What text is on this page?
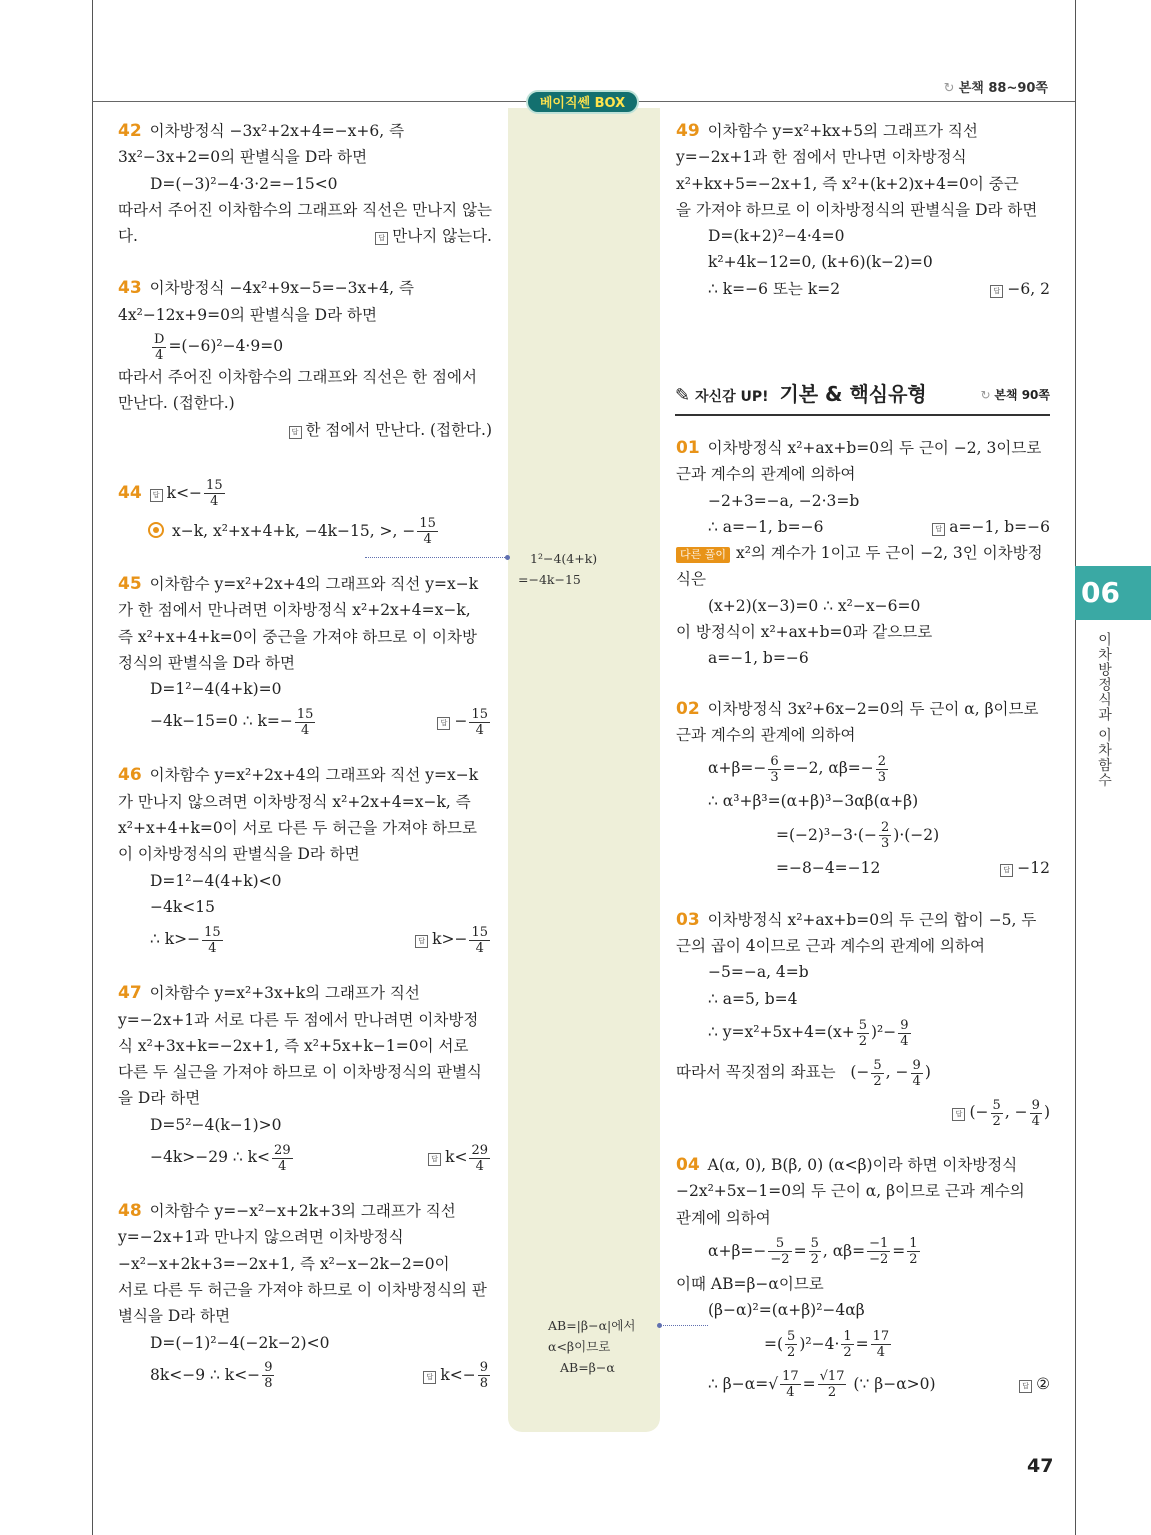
↻ 본책 88~90쪽
베이직쎈 BOX
1²−4(4+k)
=−4k−15
AB=|β−α|에서
α<β이므로
AB=β−α
06
이차방정식과 이차함수

42 이차방정식 −3x²+2x+4=−x+6, 즉

3x²−3x+2=0의 판별식을 D라 하면

D=(−3)²−4·3·2=−15<0

따라서 주어진 이차함수의 그래프와 직선은 만나지 않는

다.	답 만나지 않는다.

43 이차방정식 −4x²+9x−5=−3x+4, 즉

4x²−12x+9=0의 판별식을 D라 하면

$\frac{D}{4} =(-6)^2-4\cdot 9=0$

따라서 주어진 이차함수의 그래프와 직선은 한 점에서

만난다. (접한다.)

답 한 점에서 만난다. (접한다.)

44 답 $k<- \frac{15}{4}$

x−k, x²+x+4+k, −4k−15, >, − $\frac{15}{4}$

45 이차함수 y=x²+2x+4의 그래프와 직선 y=x−k

가 한 점에서 만나려면 이차방정식 x²+2x+4=x−k,

즉 x²+x+4+k=0이 중근을 가져야 하므로 이 이차방

정식의 판별식을 D라 하면

D=1²−4(4+k)=0

−4k−15=0 ∴ $k=- \frac{15}{4}$	답 − $\frac{15}{4}$

46 이차함수 y=x²+2x+4의 그래프와 직선 y=x−k

가 만나지 않으려면 이차방정식 x²+2x+4=x−k, 즉

x²+x+4+k=0이 서로 다른 두 허근을 가져야 하므로

이 이차방정식의 판별식을 D라 하면

D=1²−4(4+k)<0

−4k<15

∴ $k>- \frac{15}{4}$	답 $k>- \frac{15}{4}$

47 이차함수 y=x²+3x+k의 그래프가 직선

y=−2x+1과 서로 다른 두 점에서 만나려면 이차방정

식 x²+3x+k=−2x+1, 즉 x²+5x+k−1=0이 서로

다른 두 실근을 가져야 하므로 이 이차방정식의 판별식

을 D라 하면

D=5²−4(k−1)>0

−4k>−29 ∴ $k< \frac{29}{4}$	답 $k< \frac{29}{4}$

48 이차함수 y=−x²−x+2k+3의 그래프가 직선

y=−2x+1과 만나지 않으려면 이차방정식

−x²−x+2k+3=−2x+1, 즉 x²−x−2k−2=0이

서로 다른 두 허근을 가져야 하므로 이 이차방정식의 판

별식을 D라 하면

D=(−1)²−4(−2k−2)<0

8k<−9 ∴ $k<- \frac{9}{8}$	답 $k<- \frac{9}{8}$

49 이차함수 y=x²+kx+5의 그래프가 직선

y=−2x+1과 한 점에서 만나면 이차방정식

x²+kx+5=−2x+1, 즉 x²+(k+2)x+4=0이 중근

을 가져야 하므로 이 이차방정식의 판별식을 D라 하면

D=(k+2)²−4·4=0

k²+4k−12=0, (k+6)(k−2)=0

∴ k=−6 또는 k=2	답 −6, 2

✎ 자신감 UP! 기본 & 핵심유형	↻ 본책 90쪽

01 이차방정식 x²+ax+b=0의 두 근이 −2, 3이므로

근과 계수의 관계에 의하여

−2+3=−a, −2·3=b

∴ a=−1, b=−6	답 a=−1, b=−6

다른 풀이 x²의 계수가 1이고 두 근이 −2, 3인 이차방정

식은

(x+2)(x−3)=0 ∴ x²−x−6=0

이 방정식이 x²+ax+b=0과 같으므로

a=−1, b=−6

02 이차방정식 3x²+6x−2=0의 두 근이 α, β이므로

근과 계수의 관계에 의하여

$\alpha+\beta=- \frac{6}{3} =-2$, $\alpha\beta=- \frac{2}{3}$

∴ α³+β³=(α+β)³−3αβ(α+β)

$=(-2)^3-3\cdot(- \frac{2}{3} )\cdot(-2)$

=−8−4=−12	답 −12

03 이차방정식 x²+ax+b=0의 두 근의 합이 −5, 두

근의 곱이 4이므로 근과 계수의 관계에 의하여

−5=−a, 4=b

∴ a=5, b=4

∴ $y=x^2+5x+4=(x+ \frac{5}{2} )^2- \frac{9}{4}$

따라서 꼭짓점의 좌표는   (− $\frac{5}{2}$ , − $\frac{9}{4}$ )

답 (− $\frac{5}{2}$ , − $\frac{9}{4}$ )

04 A(α, 0), B(β, 0) (α<β)이라 하면 이차방정식

−2x²+5x−1=0의 두 근이 α, β이므로 근과 계수의

관계에 의하여

$\alpha+\beta=- \frac{5}{-2} = \frac{5}{2}$ , $\alpha\beta= \frac{-1}{-2} = \frac{1}{2}$

이때 AB=β−α이므로

(β−α)²=(α+β)²−4αβ

=( $\frac{5}{2} )^2-4\cdot \frac{1}{2} = \frac{17}{4}$

∴ $\beta-\alpha=√ \frac{17}{4} = \frac{√17}{2}$ (∵ β−α>0)	답 ②

47
